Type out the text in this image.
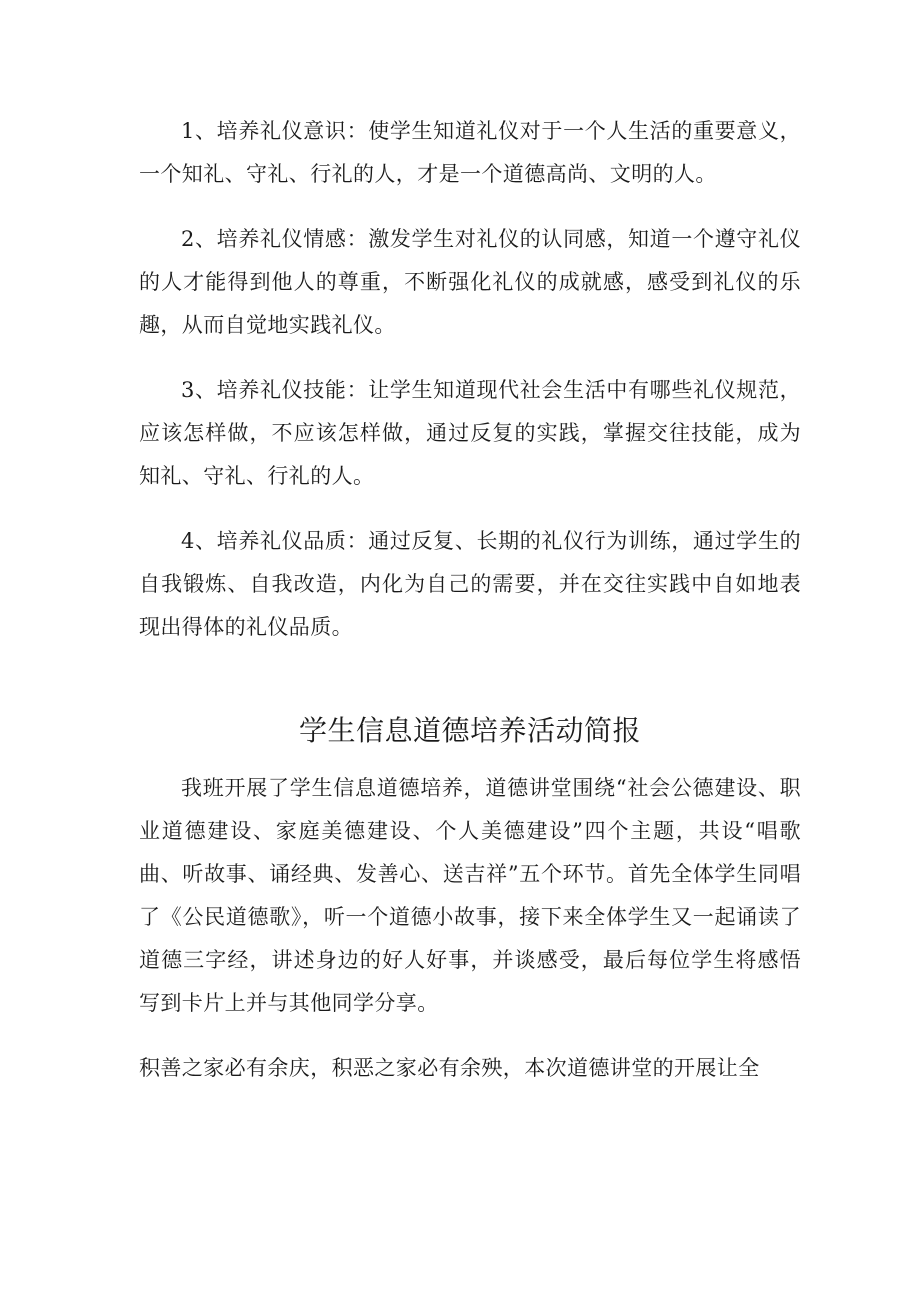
1、培养礼仪意识：使学生知道礼仪对于一个人生活的重要意义，一个知礼、守礼、行礼的人，才是一个道德高尚、文明的人。

2、培养礼仪情感：激发学生对礼仪的认同感，知道一个遵守礼仪的人才能得到他人的尊重，不断强化礼仪的成就感，感受到礼仪的乐趣，从而自觉地实践礼仪。

3、培养礼仪技能：让学生知道现代社会生活中有哪些礼仪规范，应该怎样做，不应该怎样做，通过反复的实践，掌握交往技能，成为知礼、守礼、行礼的人。

4、培养礼仪品质：通过反复、长期的礼仪行为训练，通过学生的自我锻炼、自我改造，内化为自己的需要，并在交往实践中自如地表现出得体的礼仪品质。

学生信息道德培养活动简报

我班开展了学生信息道德培养，道德讲堂围绕“社会公德建设、职业道德建设、家庭美德建设、个人美德建设”四个主题，共设“唱歌曲、听故事、诵经典、发善心、送吉祥”五个环节。首先全体学生同唱了《公民道德歌》，听一个道德小故事，接下来全体学生又一起诵读了道德三字经，讲述身边的好人好事，并谈感受，最后每位学生将感悟写到卡片上并与其他同学分享。

积善之家必有余庆，积恶之家必有余殃，本次道德讲堂的开展让全
